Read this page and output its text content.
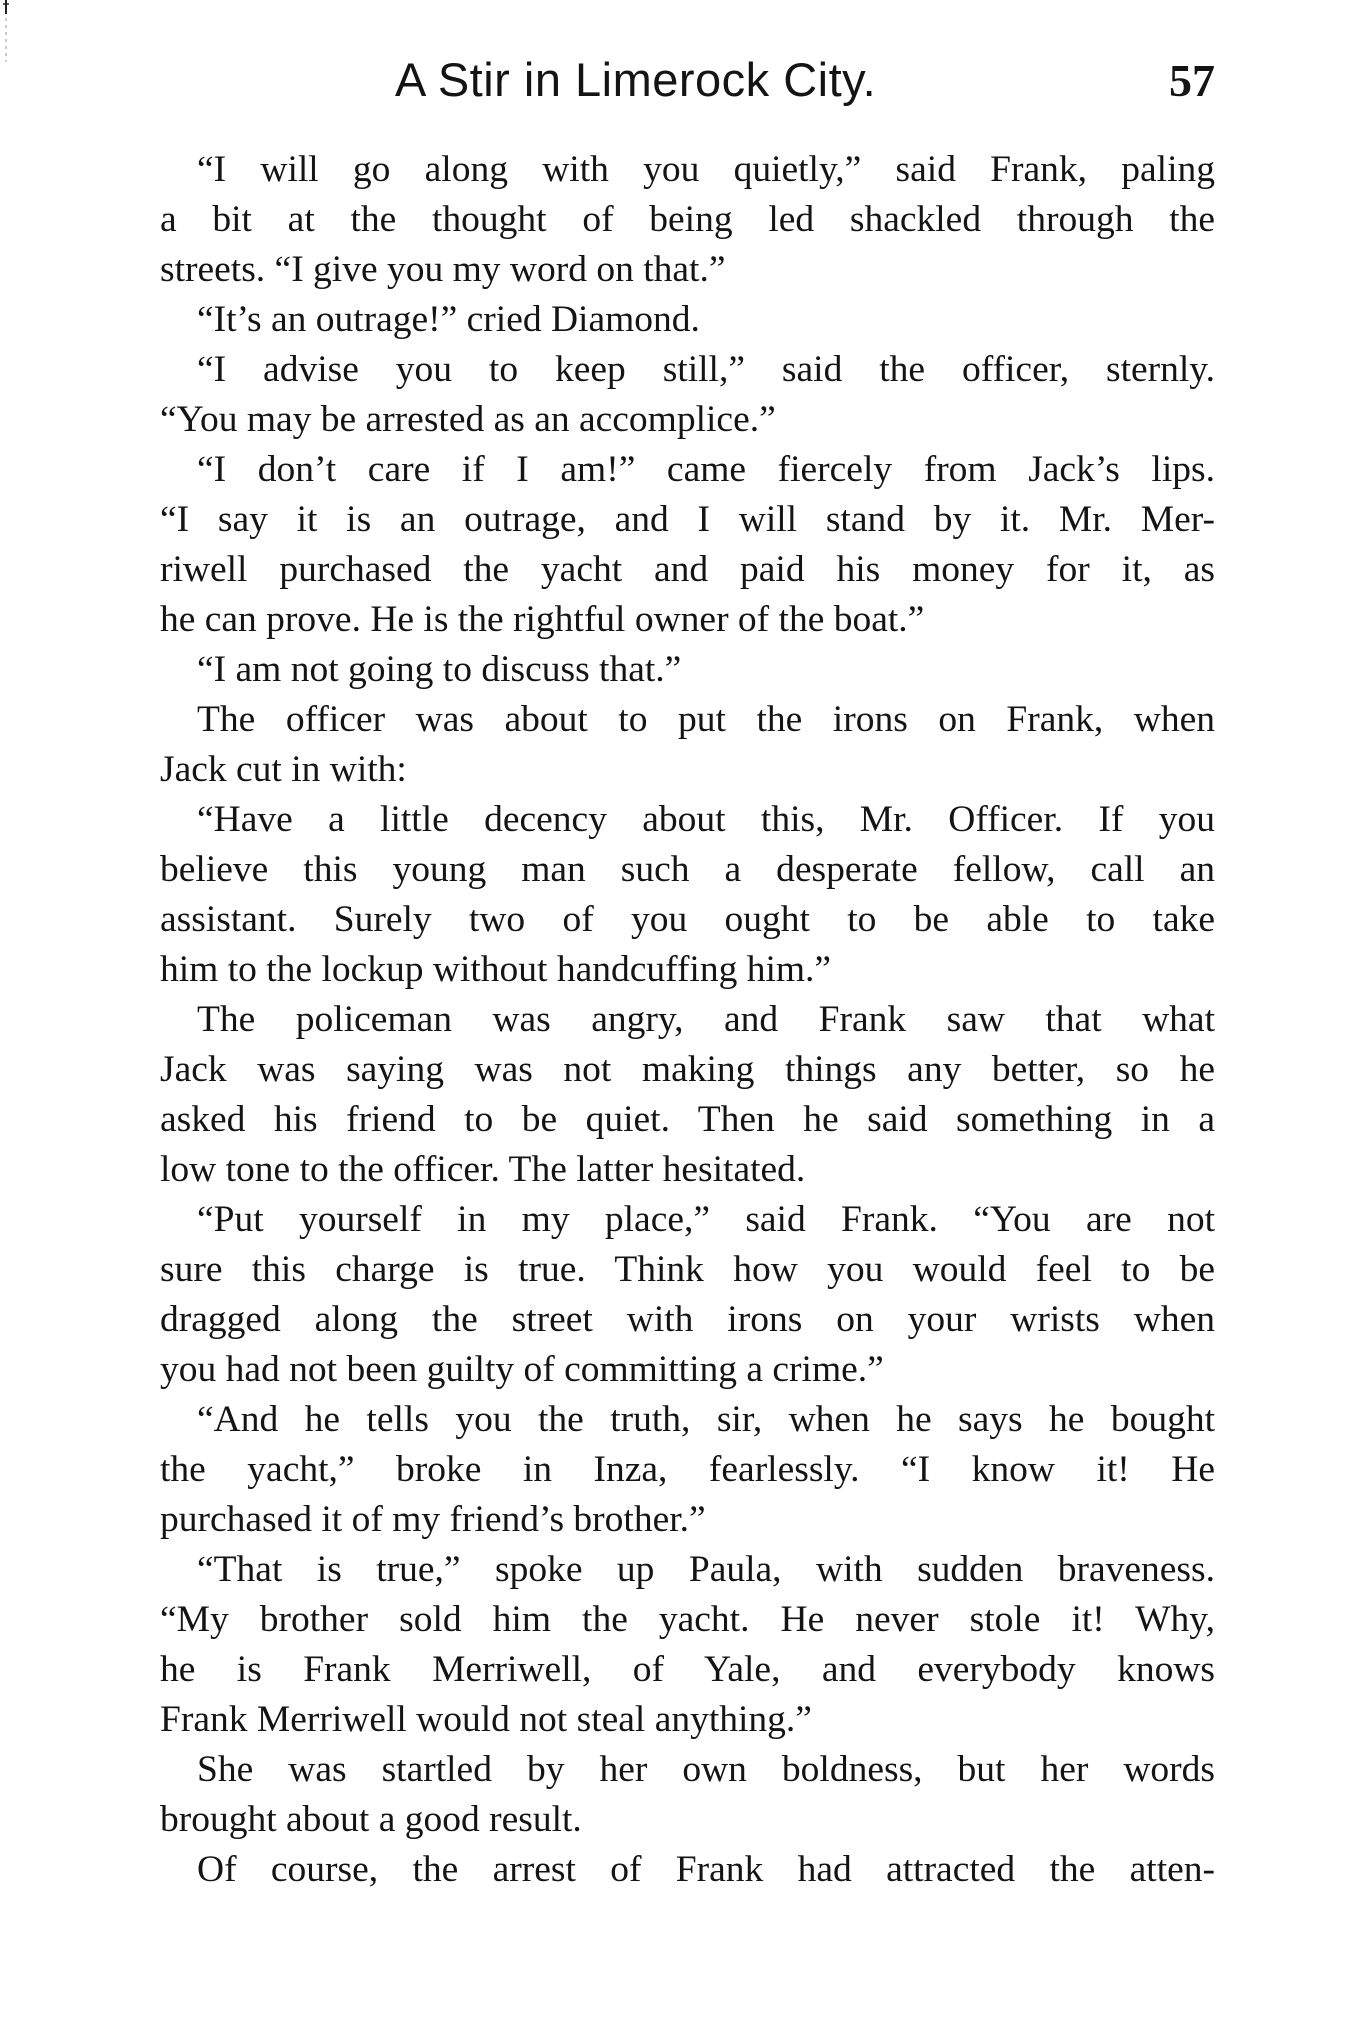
A Stir in Limerock City.	57
“I will go along with you quietly,” said Frank, paling
a bit at the thought of being led shackled through the
streets. “I give you my word on that.”
“It’s an outrage!” cried Diamond.
“I advise you to keep still,” said the officer, sternly.
“You may be arrested as an accomplice.”
“I don’t care if I am!” came fiercely from Jack’s lips.
“I say it is an outrage, and I will stand by it. Mr. Mer-
riwell purchased the yacht and paid his money for it, as
he can prove. He is the rightful owner of the boat.”
“I am not going to discuss that.”
The officer was about to put the irons on Frank, when
Jack cut in with:
“Have a little decency about this, Mr. Officer. If you
believe this young man such a desperate fellow, call an
assistant. Surely two of you ought to be able to take
him to the lockup without handcuffing him.”
The policeman was angry, and Frank saw that what
Jack was saying was not making things any better, so he
asked his friend to be quiet. Then he said something in a
low tone to the officer. The latter hesitated.
“Put yourself in my place,” said Frank. “You are not
sure this charge is true. Think how you would feel to be
dragged along the street with irons on your wrists when
you had not been guilty of committing a crime.”
“And he tells you the truth, sir, when he says he bought
the yacht,” broke in Inza, fearlessly. “I know it! He
purchased it of my friend’s brother.”
“That is true,” spoke up Paula, with sudden braveness.
“My brother sold him the yacht. He never stole it! Why,
he is Frank Merriwell, of Yale, and everybody knows
Frank Merriwell would not steal anything.”
She was startled by her own boldness, but her words
brought about a good result.
Of course, the arrest of Frank had attracted the atten-
